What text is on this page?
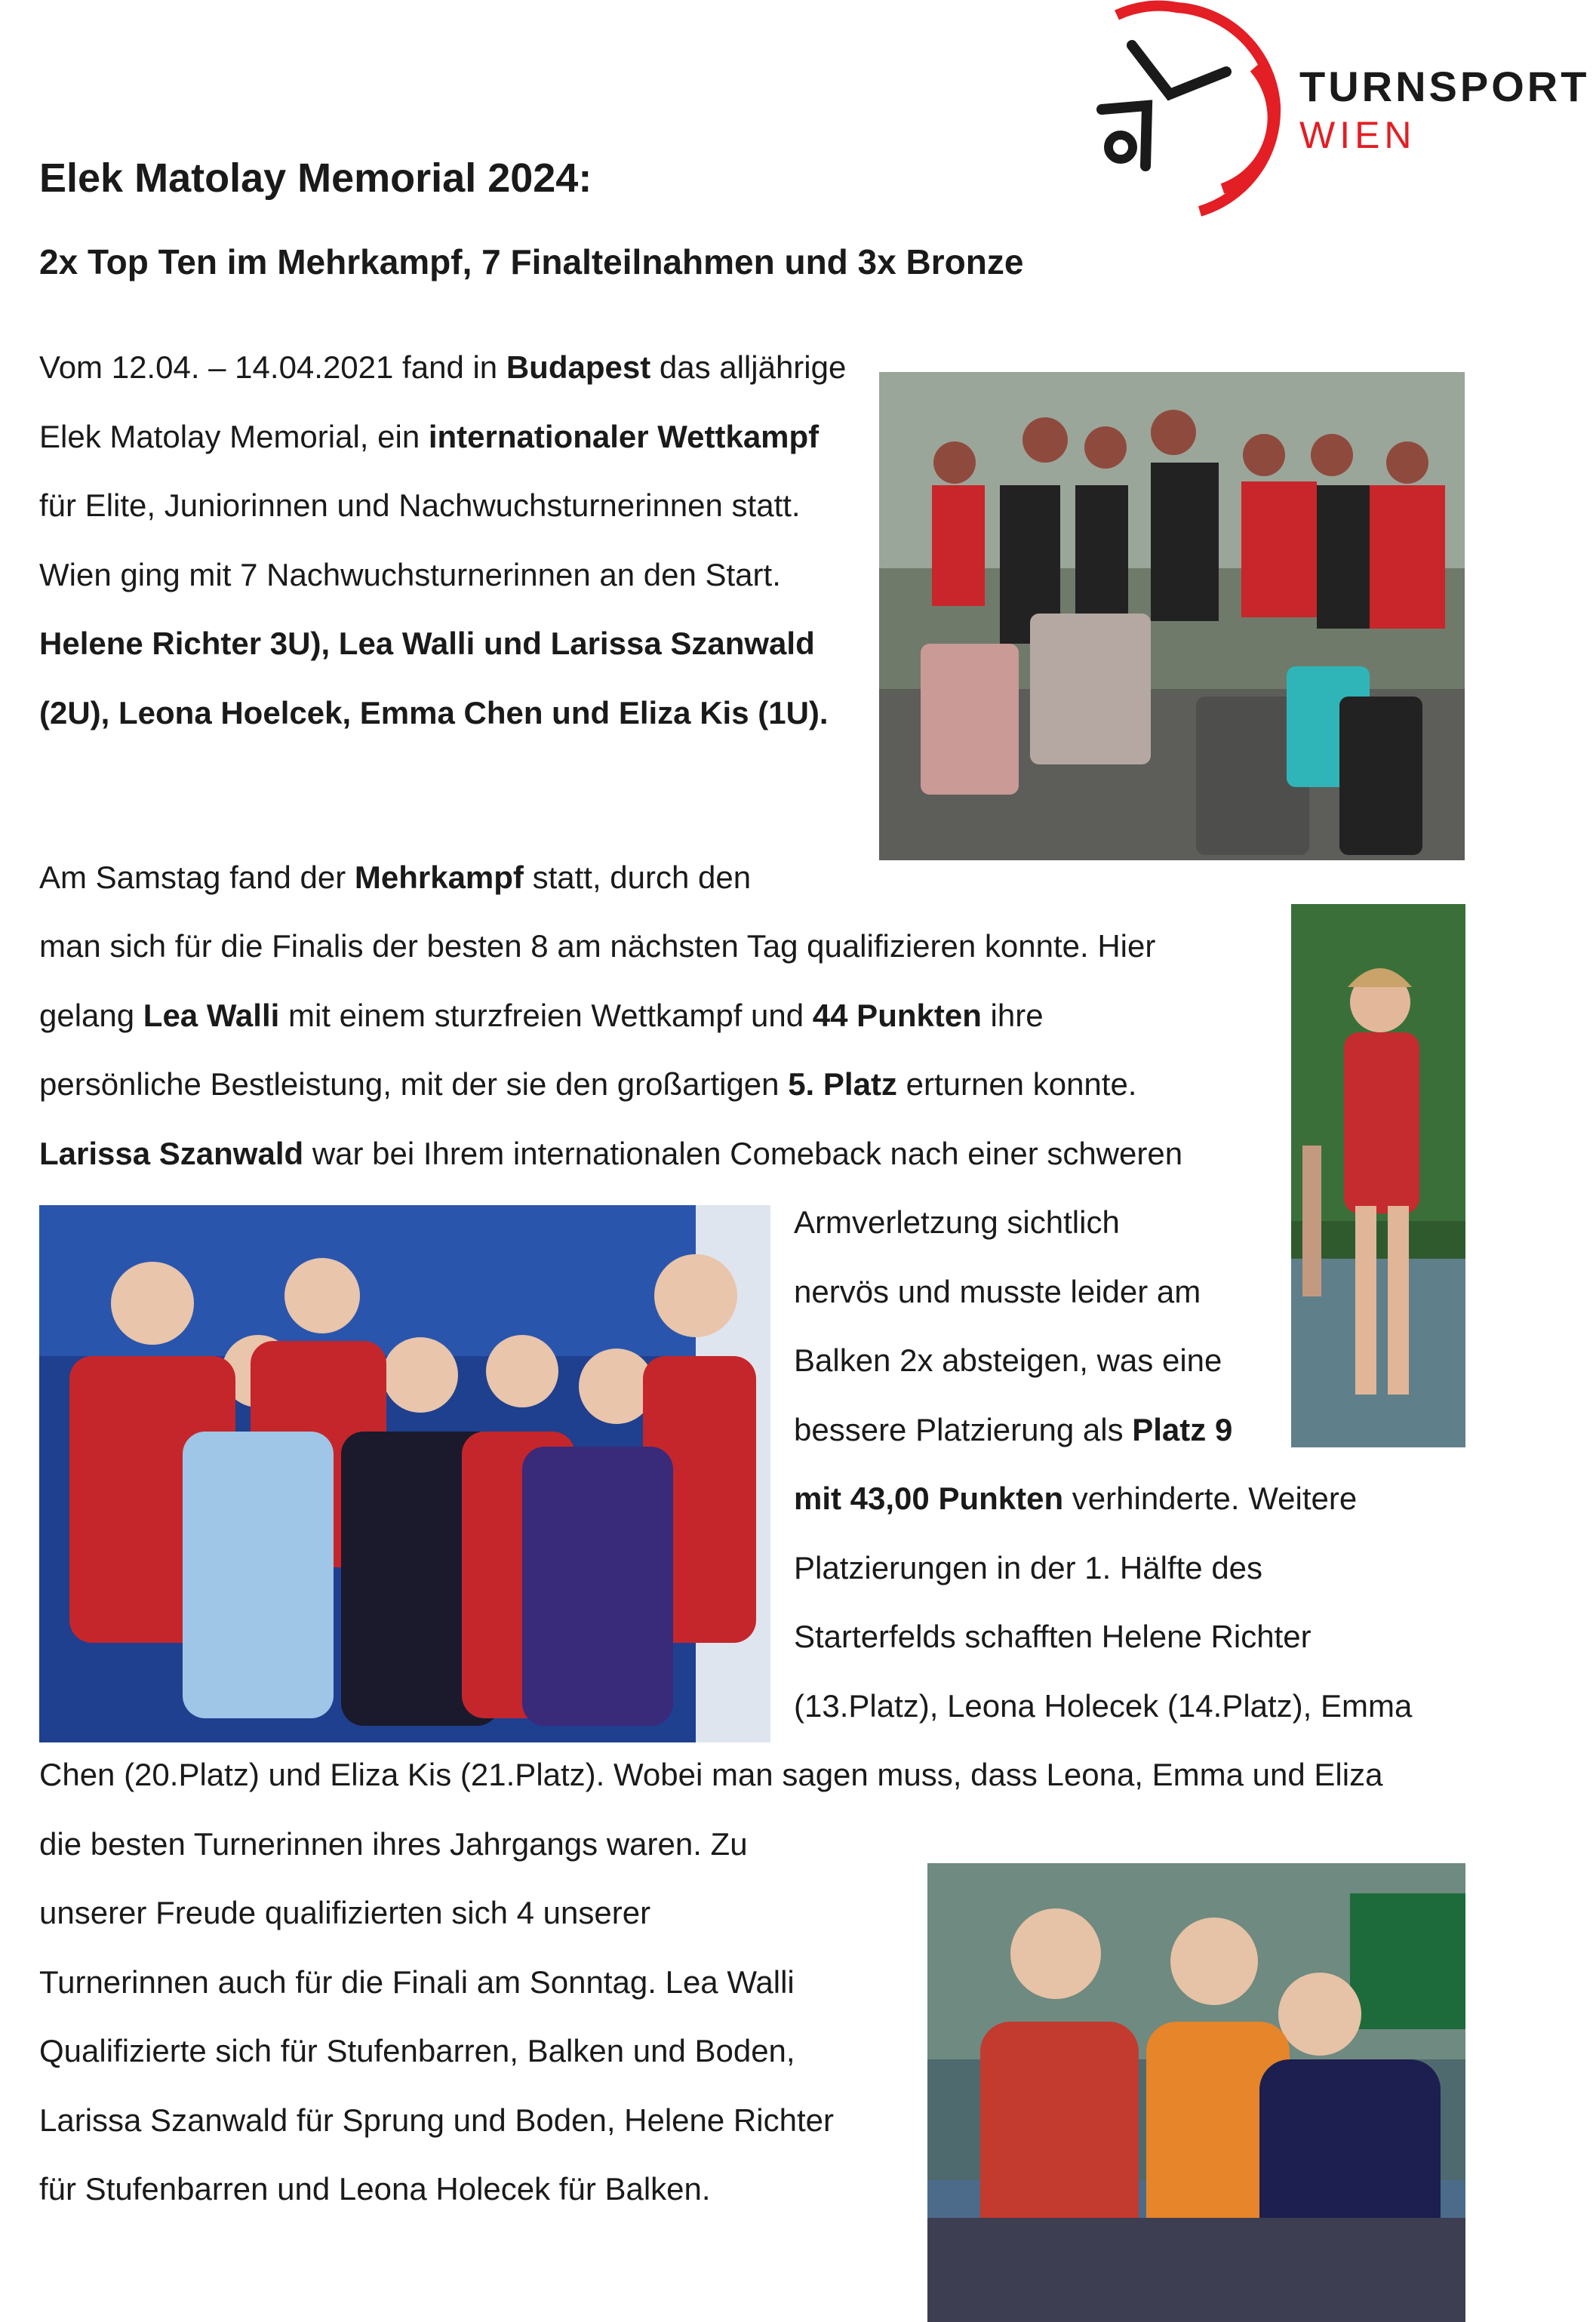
TURNSPORT
WIEN
Elek Matolay Memorial 2024:
2x Top Ten im Mehrkampf, 7 Finalteilnahmen und 3x Bronze

Vom 12.04. – 14.04.2021 fand in Budapest das alljährige Elek Matolay Memorial, ein internationaler Wettkampf für Elite, Juniorinnen und Nachwuchsturnerinnen statt. Wien ging mit 7 Nachwuchsturnerinnen an den Start. Helene Richter 3U), Lea Walli und Larissa Szanwald (2U), Leona Hoelcek, Emma Chen und Eliza Kis (1U).

Am Samstag fand der Mehrkampf statt, durch den
man sich für die Finalis der besten 8 am nächsten Tag qualifizieren konnte. Hier
gelang Lea Walli mit einem sturzfreien Wettkampf und 44 Punkten ihre
persönliche Bestleistung, mit der sie den großartigen 5. Platz erturnen konnte.
Larissa Szanwald war bei Ihrem internationalen Comeback nach einer schweren
Armverletzung sichtlich
nervös und musste leider am
Balken 2x absteigen, was eine
bessere Platzierung als Platz 9
mit 43,00 Punkten verhinderte. Weitere
Platzierungen in der 1. Hälfte des
Starterfelds schafften Helene Richter
(13.Platz), Leona Holecek (14.Platz), Emma
Chen (20.Platz) und Eliza Kis (21.Platz). Wobei man sagen muss, dass Leona, Emma und Eliza
die besten Turnerinnen ihres Jahrgangs waren. Zu
unserer Freude qualifizierten sich 4 unserer
Turnerinnen auch für die Finali am Sonntag. Lea Walli
Qualifizierte sich für Stufenbarren, Balken und Boden,
Larissa Szanwald für Sprung und Boden, Helene Richter
für Stufenbarren und Leona Holecek für Balken.
